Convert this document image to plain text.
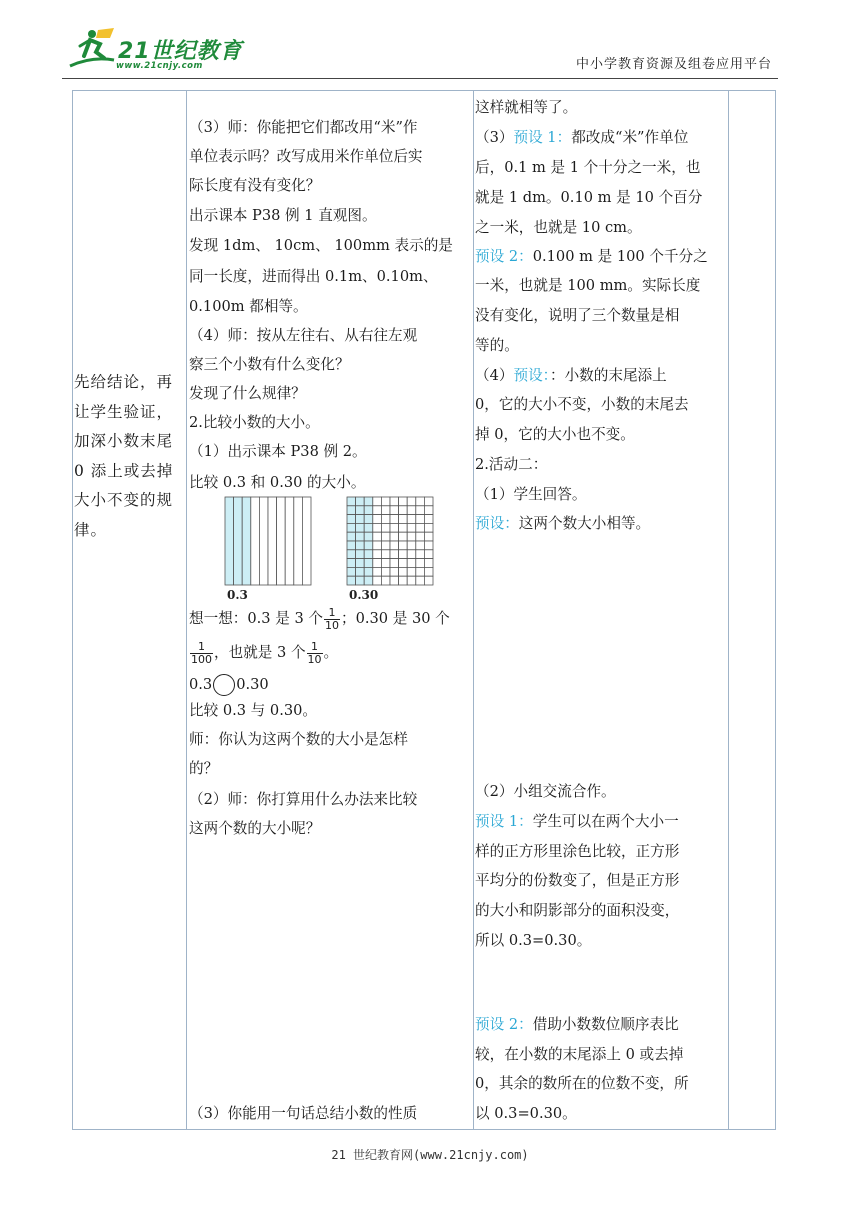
21世纪教育
www.21cnjy.com	中小学教育资源及组卷应用平台
先给结论，再让学生验证，加深小数末尾 0 添上或去掉大小不变的规律。
（3）师：你能把它们都改用“米”作
单位表示吗？改写成用米作单位后实
际长度有没有变化？
出示课本 P38 例 1 直观图。
发现 1dm、 10cm、 100mm 表示的是
同一长度，进而得出 0.1m、0.10m、
0.100m 都相等。
（4）师：按从左往右、从右往左观
察三个小数有什么变化？
发现了什么规律？
2.比较小数的大小。
（1）出示课本 P38 例 2。
比较 0.3 和 0.30 的大小。
0.3	0.30
想一想：0.3 是 3 个 $\frac{1}{10}$ ；0.30 是 30 个
$\frac{1}{100}$ ，也就是 3 个 $\frac{1}{10}$ 。
0.3 0.30
比较 0.3 与 0.30。
师：你认为这两个数的大小是怎样
的？
（2）师：你打算用什么办法来比较
这两个数的大小呢？
（3）你能用一句话总结小数的性质
这样就相等了。
（3）预设 1：都改成“米”作单位
后，0.1 m 是 1 个十分之一米，也
就是 1 dm。0.10 m 是 10 个百分
之一米，也就是 10 cm。
预设 2：0.100 m 是 100 个千分之
一米，也就是 100 mm。实际长度
没有变化，说明了三个数量是相
等的。
（4）预设：：小数的末尾添上
0，它的大小不变，小数的末尾去
掉 0，它的大小也不变。
2.活动二：
（1）学生回答。
预设：这两个数大小相等。
（2）小组交流合作。
预设 1：学生可以在两个大小一
样的正方形里涂色比较，正方形
平均分的份数变了，但是正方形
的大小和阴影部分的面积没变，
所以 0.3=0.30。
预设 2：借助小数数位顺序表比
较，在小数的末尾添上 0 或去掉
0，其余的数所在的位数不变，所
以 0.3=0.30。
21 世纪教育网(www.21cnjy.com)
